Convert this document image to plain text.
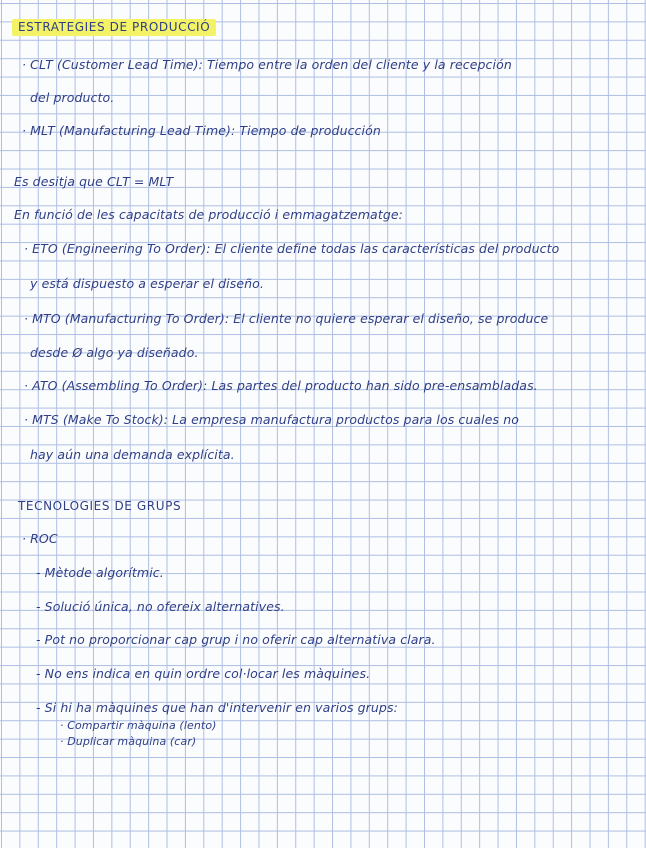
ESTRATEGIES DE PRODUCCIÓ
· CLT (Customer Lead Time): Tiempo entre la orden del cliente y la recepción
del producto.
· MLT (Manufacturing Lead Time): Tiempo de producción
Es desitja que CLT = MLT
En funció de les capacitats de producció i emmagatzematge:
· ETO (Engineering To Order): El cliente define todas las características del producto
y está dispuesto a esperar el diseño.
· MTO (Manufacturing To Order): El cliente no quiere esperar el diseño, se produce
desde Ø algo ya diseñado.
· ATO (Assembling To Order): Las partes del producto han sido pre-ensambladas.
· MTS (Make To Stock): La empresa manufactura productos para los cuales no
hay aún una demanda explícita.
TECNOLOGIES DE GRUPS
· ROC
- Mètode algorítmic.
- Solució única, no ofereix alternatives.
- Pot no proporcionar cap grup i no oferir cap alternativa clara.
- No ens indica en quin ordre col·locar les màquines.
- Si hi ha màquines que han d'intervenir en varios grups:
· Compartir màquina (lento)
· Duplicar màquina (car)
